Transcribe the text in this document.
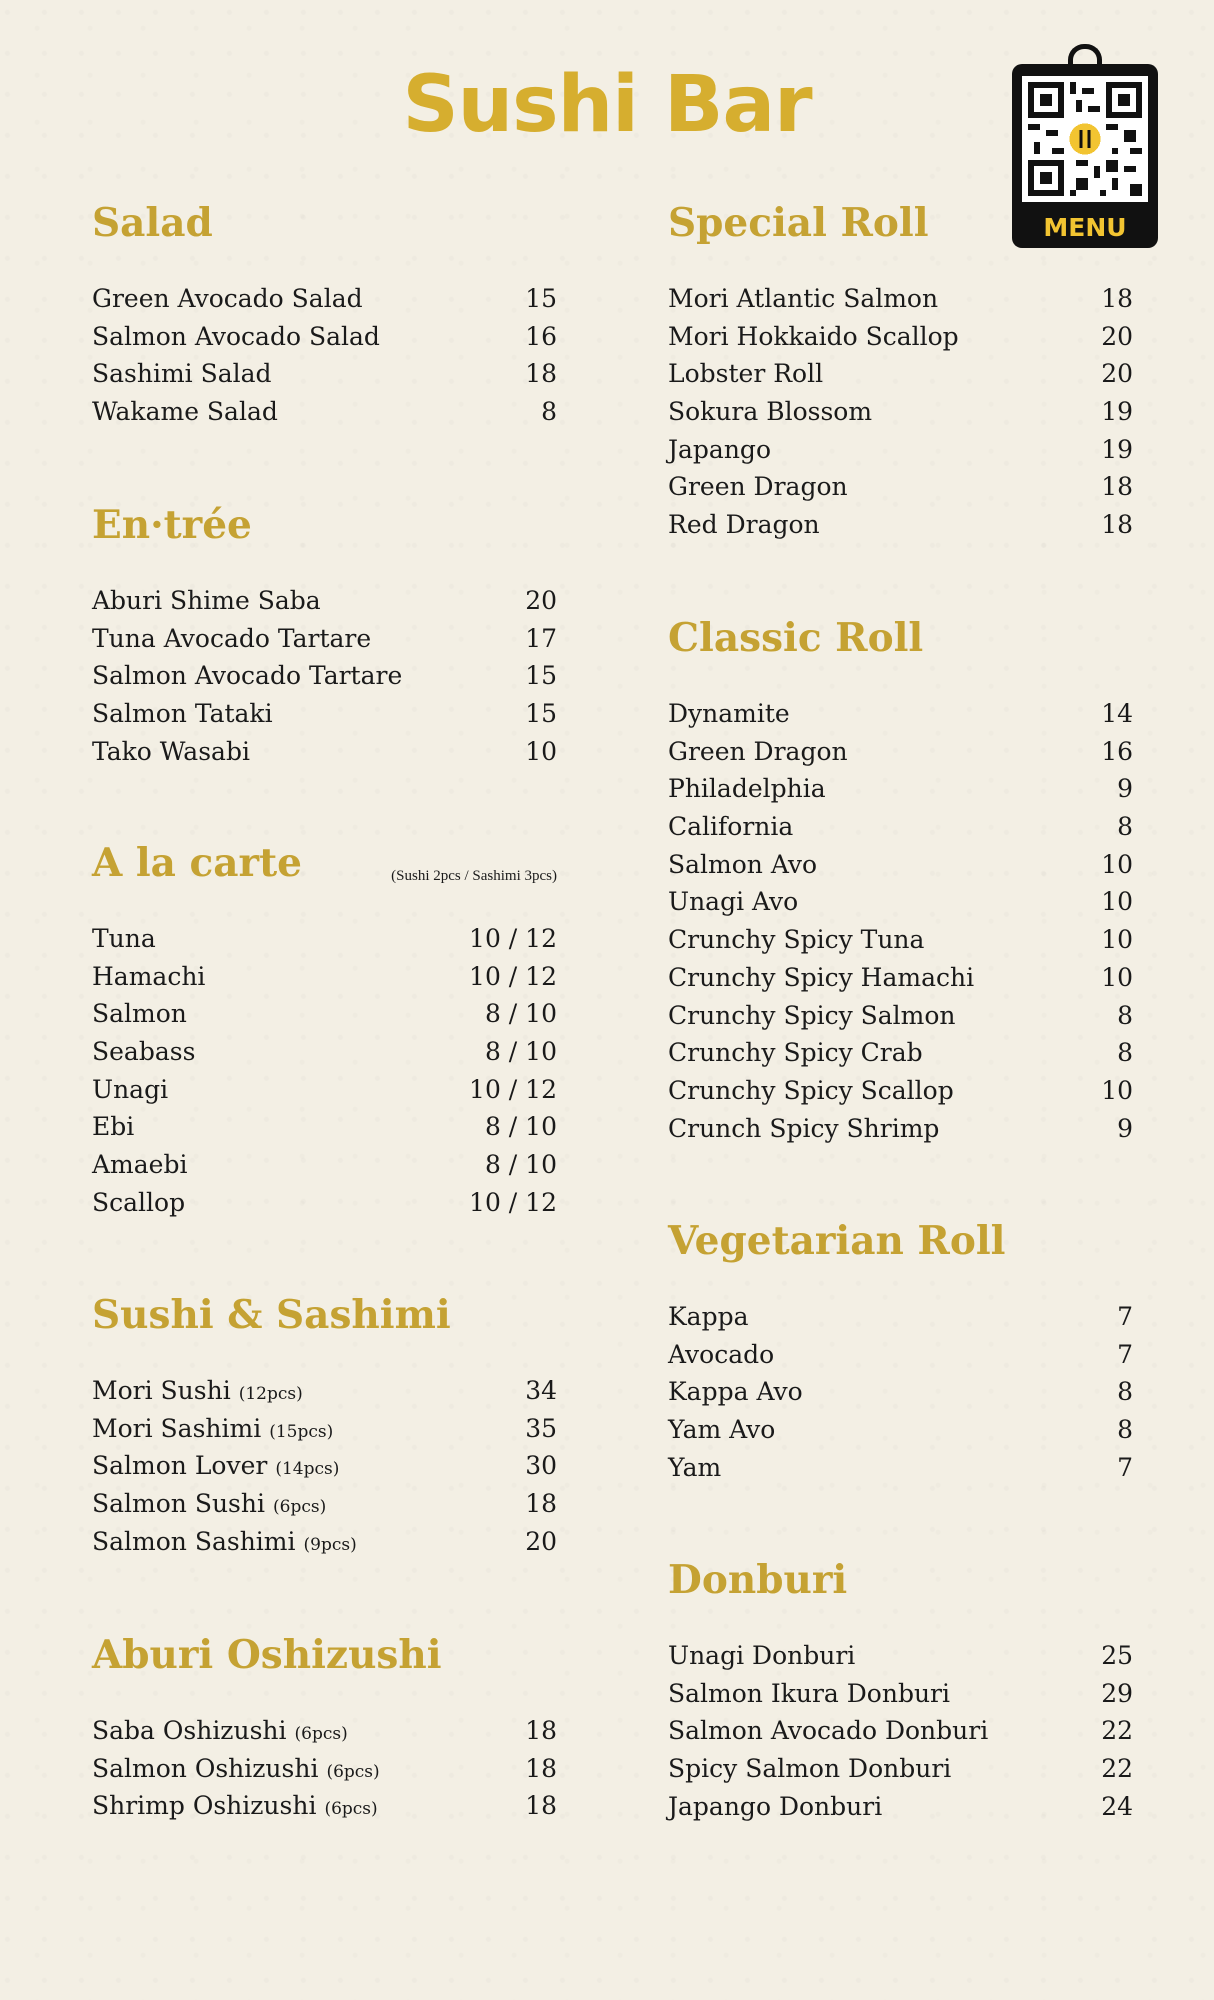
Sushi Bar
MENU
Salad
Green Avocado Salad	15
Salmon Avocado Salad	16
Sashimi Salad	18
Wakame Salad	8
En·trée
Aburi Shime Saba	20
Tuna Avocado Tartare	17
Salmon Avocado Tartare	15
Salmon Tataki	15
Tako Wasabi	10
A la carte	(Sushi 2pcs / Sashimi 3pcs)
Tuna	10 / 12
Hamachi	10 / 12
Salmon	8 / 10
Seabass	8 / 10
Unagi	10 / 12
Ebi	8 / 10
Amaebi	8 / 10
Scallop	10 / 12
Sushi & Sashimi
Mori Sushi (12pcs)	34
Mori Sashimi (15pcs)	35
Salmon Lover (14pcs)	30
Salmon Sushi (6pcs)	18
Salmon Sashimi (9pcs)	20
Aburi Oshizushi
Saba Oshizushi (6pcs)	18
Salmon Oshizushi (6pcs)	18
Shrimp Oshizushi (6pcs)	18
Special Roll
Mori Atlantic Salmon	18
Mori Hokkaido Scallop	20
Lobster Roll	20
Sokura Blossom	19
Japango	19
Green Dragon	18
Red Dragon	18
Classic Roll
Dynamite	14
Green Dragon	16
Philadelphia	9
California	8
Salmon Avo	10
Unagi Avo	10
Crunchy Spicy Tuna	10
Crunchy Spicy Hamachi	10
Crunchy Spicy Salmon	8
Crunchy Spicy Crab	8
Crunchy Spicy Scallop	10
Crunch Spicy Shrimp	9
Vegetarian Roll
Kappa	7
Avocado	7
Kappa Avo	8
Yam Avo	8
Yam	7
Donburi
Unagi Donburi	25
Salmon Ikura Donburi	29
Salmon Avocado Donburi	22
Spicy Salmon Donburi	22
Japango Donburi	24
